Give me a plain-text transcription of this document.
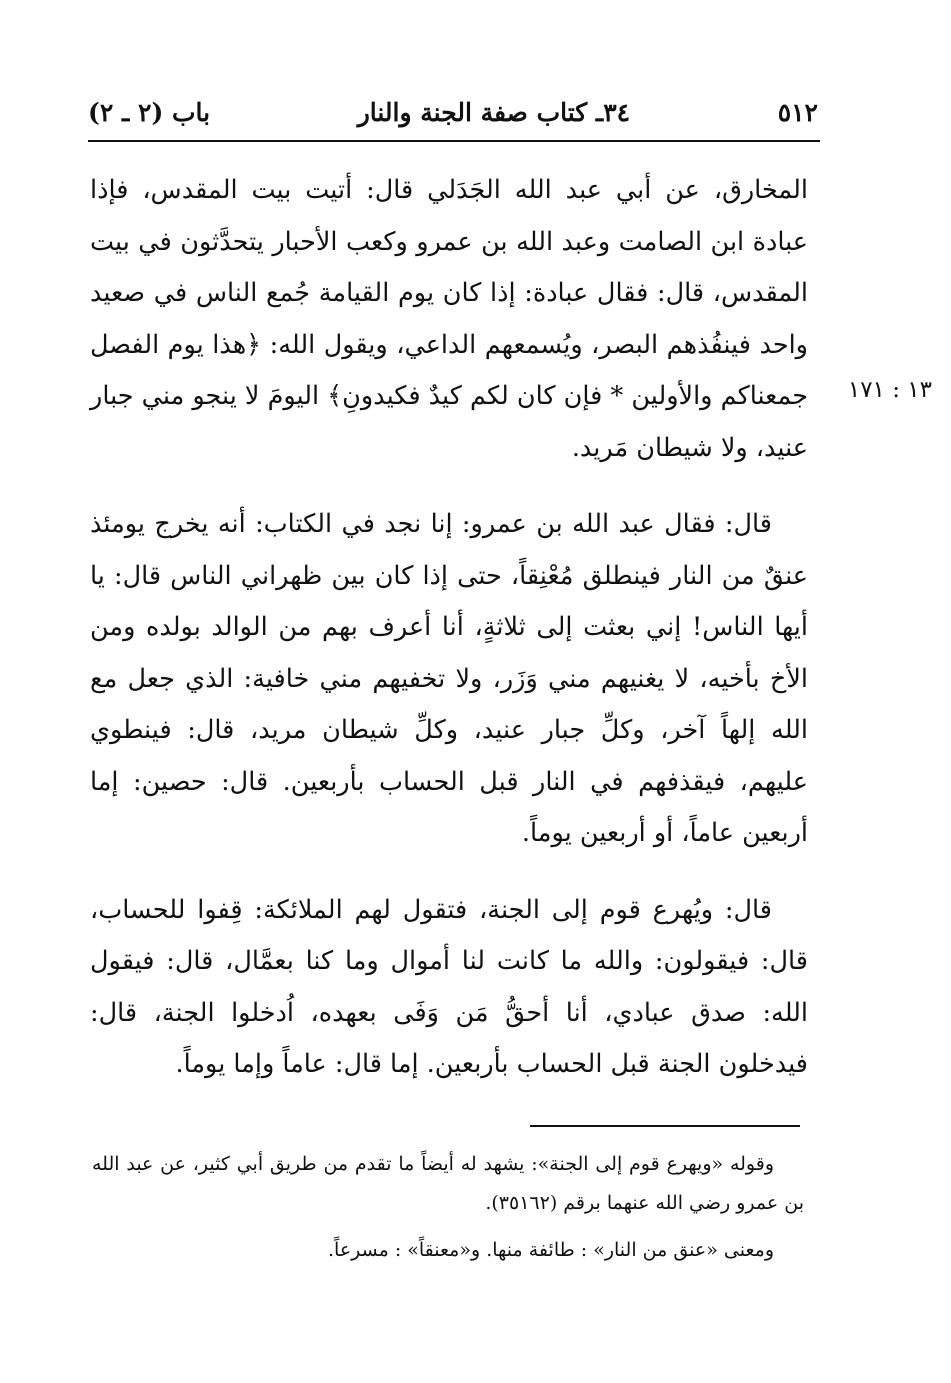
٥١٢
٣٤ـ كتاب صفة الجنة والنار
باب (٢ ـ ٢)
١٣ : ١٧١

المخارق، عن أبي عبد الله الجَدَلي قال: أتيت بيت المقدس، فإذا عبادة ابن الصامت وعبد الله بن عمرو وكعب الأحبار يتحدَّثون في بيت المقدس، قال: فقال عبادة: إذا كان يوم القيامة جُمع الناس في صعيد واحد فينفُذهم البصر، ويُسمعهم الداعي، ويقول الله: ﴿هذا يوم الفصل جمعناكم والأولين * فإن كان لكم كيدٌ فكيدونِ﴾ اليومَ لا ينجو مني جبار عنيد، ولا شيطان مَريد.

قال: فقال عبد الله بن عمرو: إنا نجد في الكتاب: أنه يخرج يومئذ عنقٌ من النار فينطلق مُعْنِقاً، حتى إذا كان بين ظهراني الناس قال: يا أيها الناس! إني بعثت إلى ثلاثةٍ، أنا أعرف بهم من الوالد بولده ومن الأخ بأخيه، لا يغنيهم مني وَزَر، ولا تخفيهم مني خافية: الذي جعل مع الله إلهاً آخر، وكلِّ جبار عنيد، وكلِّ شيطان مريد، قال: فينطوي عليهم، فيقذفهم في النار قبل الحساب بأربعين. قال: حصين: إما أربعين عاماً، أو أربعين يوماً.

قال: ويُهرع قوم إلى الجنة، فتقول لهم الملائكة: قِفوا للحساب، قال: فيقولون: والله ما كانت لنا أموال وما كنا بعمَّال، قال: فيقول الله: صدق عبادي، أنا أحقُّ مَن وَفَى بعهده، اُدخلوا الجنة، قال: فيدخلون الجنة قبل الحساب بأربعين. إما قال: عاماً وإما يوماً.

وقوله «ويهرع قوم إلى الجنة»: يشهد له أيضاً ما تقدم من طريق أبي كثير، عن عبد الله بن عمرو رضي الله عنهما برقم (٣٥١٦٢).

ومعنى «عنق من النار» : طائفة منها. و«معنقاً» : مسرعاً.
